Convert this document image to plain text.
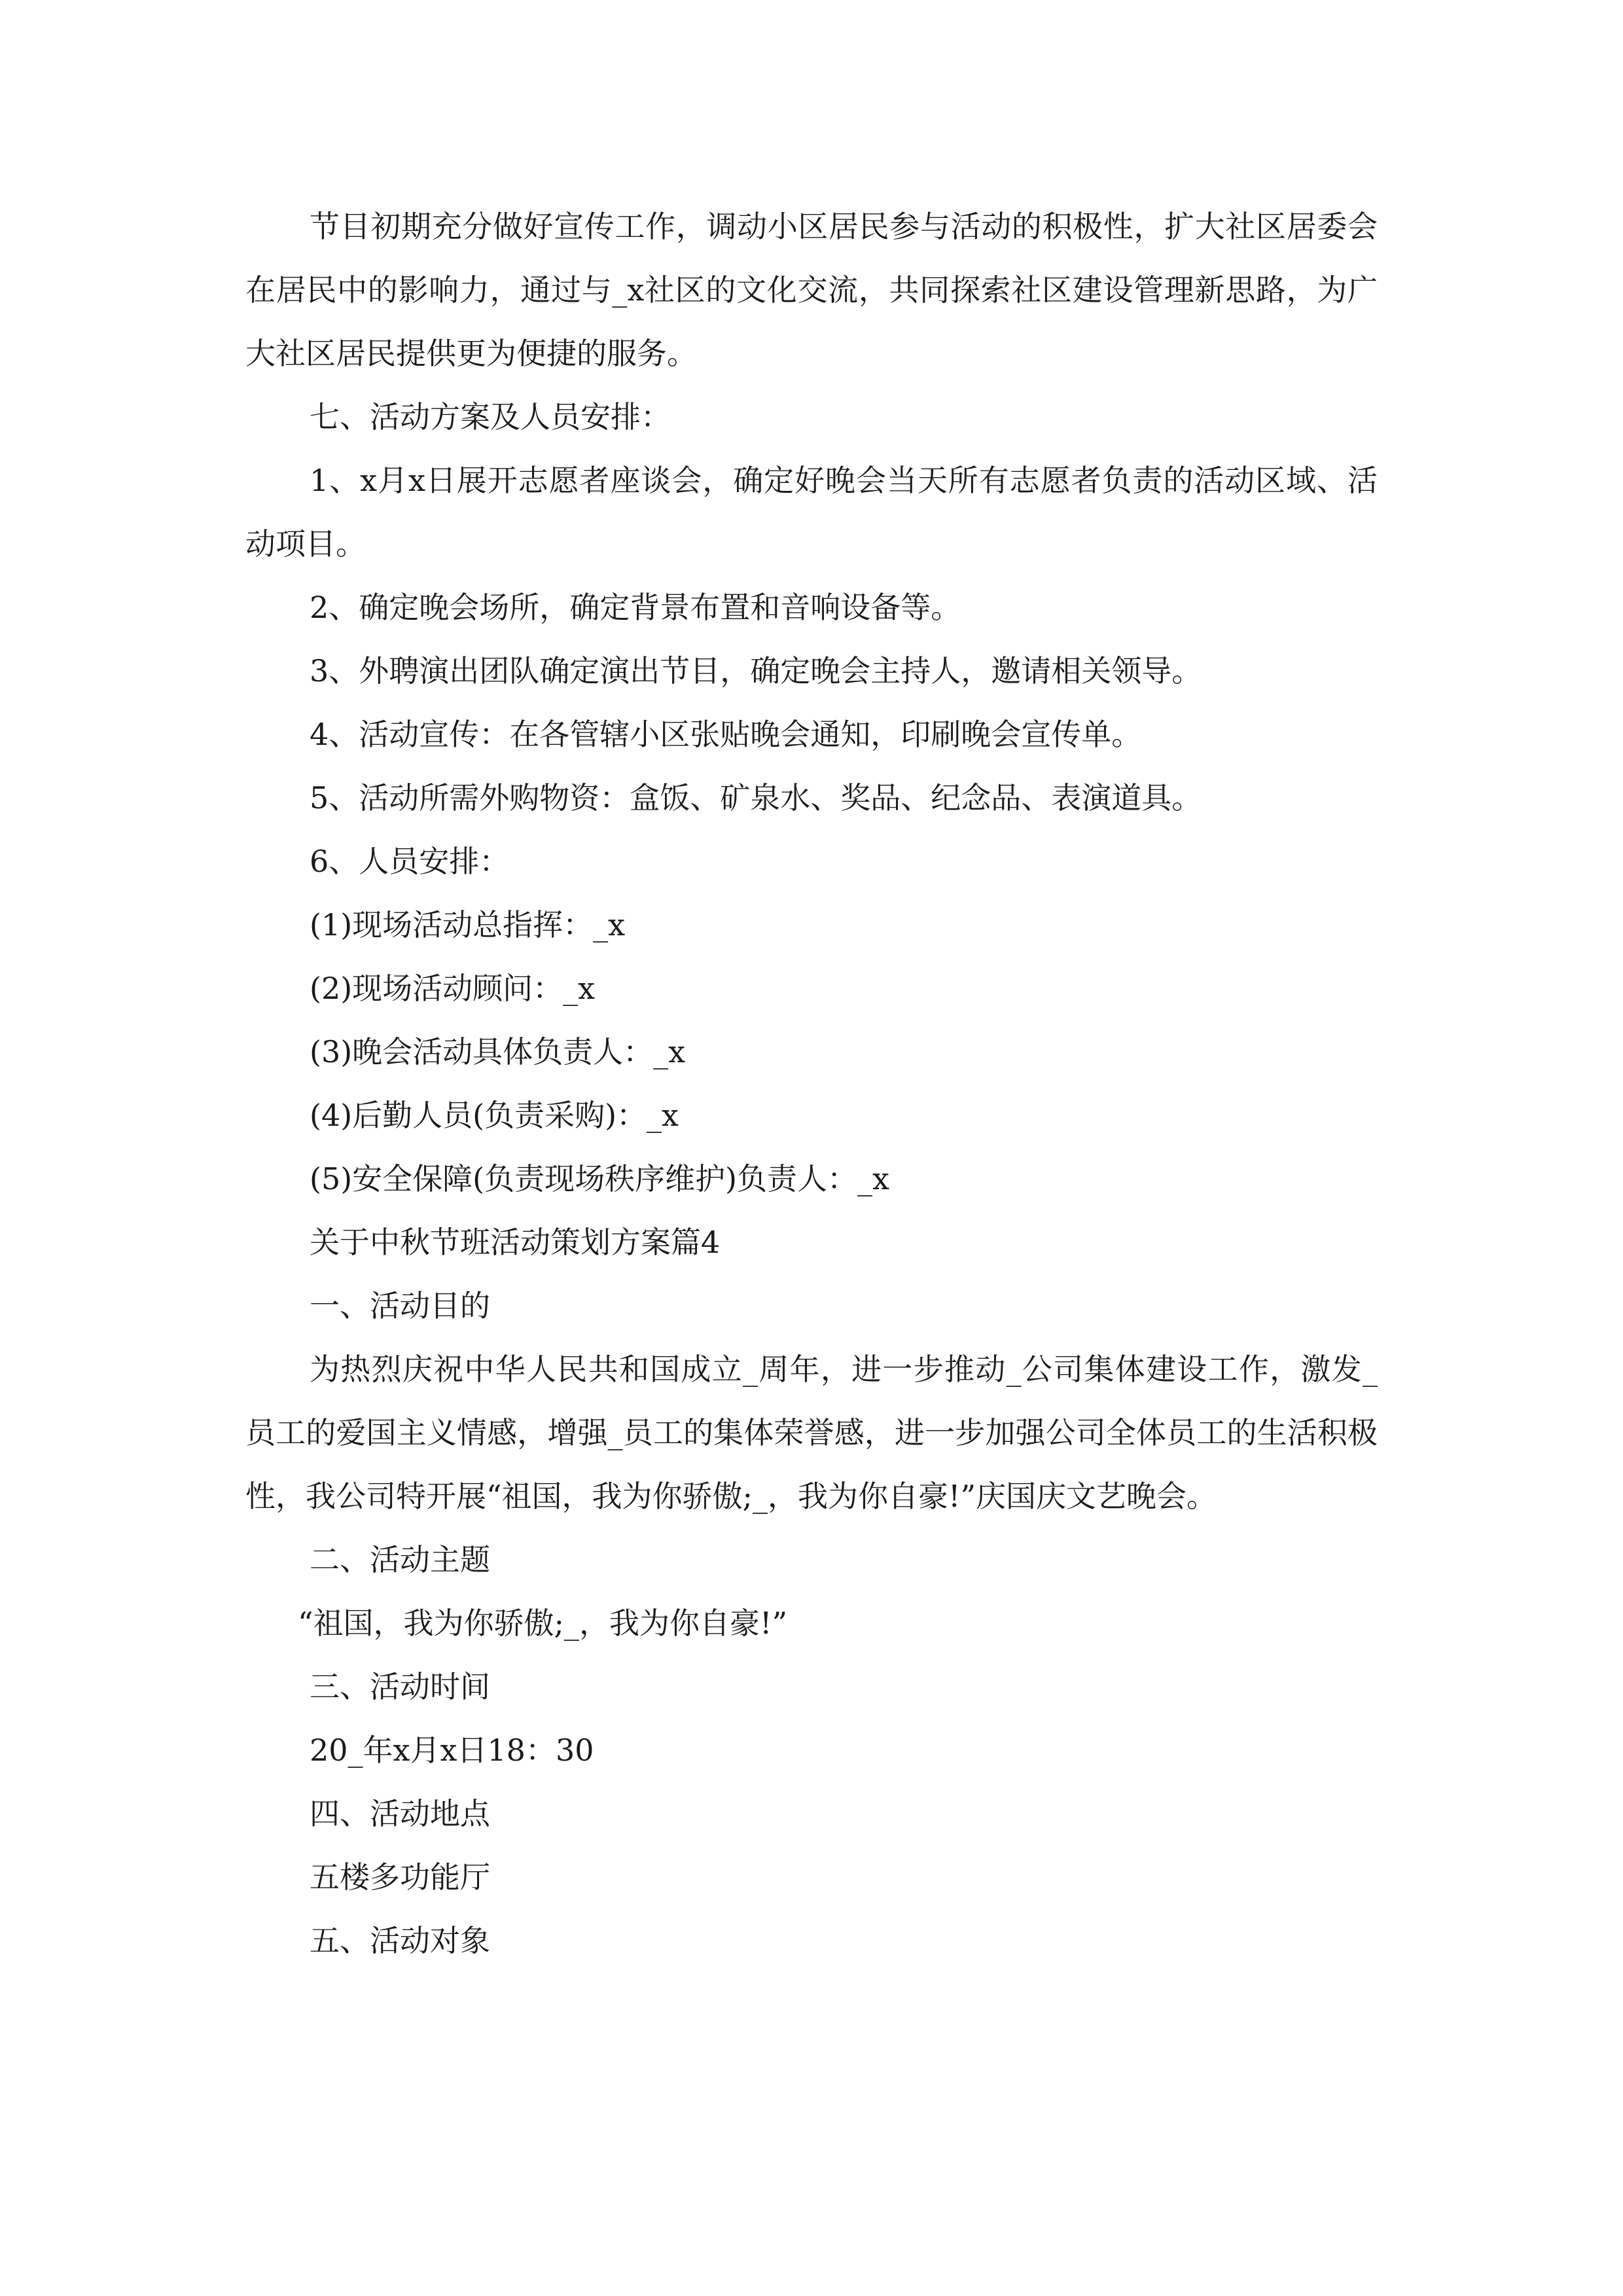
节目初期充分做好宣传工作，调动小区居民参与活动的积极性，扩大社区居委会在居民中的影响力，通过与_x社区的文化交流，共同探索社区建设管理新思路，为广大社区居民提供更为便捷的服务。

七、活动方案及人员安排：

1、x月x日展开志愿者座谈会，确定好晚会当天所有志愿者负责的活动区域、活动项目。

2、确定晚会场所，确定背景布置和音响设备等。

3、外聘演出团队确定演出节目，确定晚会主持人，邀请相关领导。

4、活动宣传：在各管辖小区张贴晚会通知，印刷晚会宣传单。

5、活动所需外购物资：盒饭、矿泉水、奖品、纪念品、表演道具。

6、人员安排：

(1)现场活动总指挥：_x

(2)现场活动顾问：_x

(3)晚会活动具体负责人：_x

(4)后勤人员(负责采购)：_x

(5)安全保障(负责现场秩序维护)负责人：_x

关于中秋节班活动策划方案篇4

一、活动目的

为热烈庆祝中华人民共和国成立_周年，进一步推动_公司集体建设工作，激发_员工的爱国主义情感，增强_员工的集体荣誉感，进一步加强公司全体员工的生活积极性，我公司特开展“祖国，我为你骄傲;_，我为你自豪!”庆国庆文艺晚会。

二、活动主题

“祖国，我为你骄傲;_，我为你自豪!”

三、活动时间

20_年x月x日18：30

四、活动地点

五楼多功能厅

五、活动对象
